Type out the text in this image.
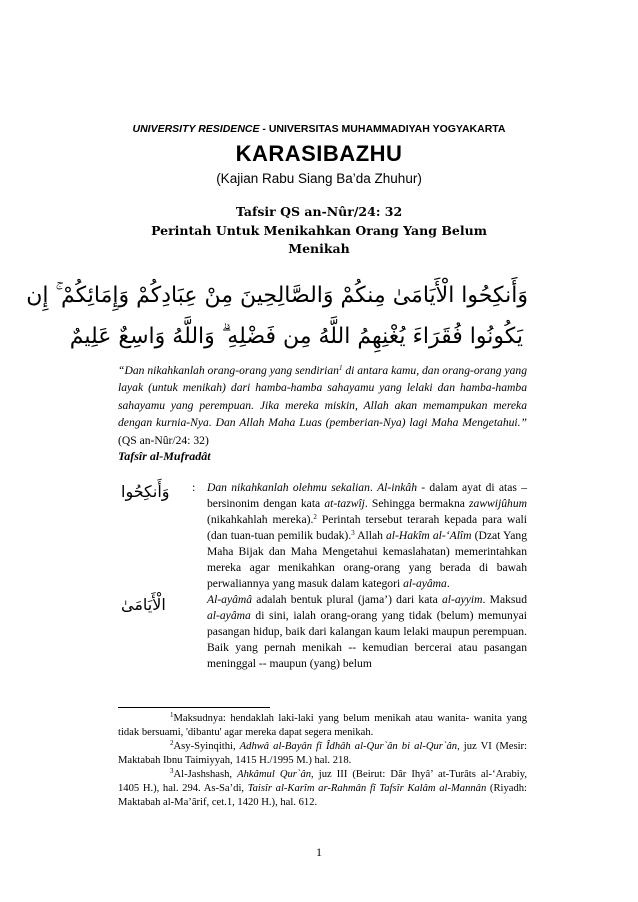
UNIVERSITY RESIDENCE - UNIVERSITAS MUHAMMADIYAH YOGYAKARTA
KARASIBAZHU
(Kajian Rabu Siang Ba’da Zhuhur)
Tafsir QS an-Nûr/24: 32
Perintah Untuk Menikahkan Orang Yang Belum Menikah
وَأَنكِحُوا الْأَيَامَىٰ مِنكُمْ وَالصَّالِحِينَ مِنْ عِبَادِكُمْ وَإِمَائِكُمْ ۚ إِن
يَكُونُوا فُقَرَاءَ يُغْنِهِمُ اللَّهُ مِن فَضْلِهِ ۗ وَاللَّهُ وَاسِعٌ عَلِيمٌ
“Dan nikahkanlah orang-orang yang sendirian$^1$ di antara kamu, dan orang-orang yang layak (untuk menikah) dari hamba-hamba sahayamu yang lelaki dan hamba-hamba sahayamu yang perempuan. Jika mereka miskin, Allah akan memampukan mereka dengan kurnia-Nya. Dan Allah Maha Luas (pemberian-Nya) lagi Maha Mengetahui.” (QS an-Nûr/24: 32)
Tafsîr al-Mufradât
وَأَنكِحُوا
الْأَيَامَىٰ
: Dan nikahkanlah olehmu sekalian. Al-inkâh - dalam ayat di atas – bersinonim dengan kata at-tazwîj. Sehingga bermakna zawwijûhum (nikahkahlah mereka).$^2$ Perintah tersebut terarah kepada para wali (dan tuan-tuan pemilik budak).$^3$ Allah al-Hakîm al-‘Alîm (Dzat Yang Maha Bijak dan Maha Mengetahui kemaslahatan) memerintahkan mereka agar menikahkan orang-orang yang berada di bawah perwaliannya yang masuk dalam kategori al-ayâma.

Al-ayâmâ adalah bentuk plural (jama’) dari kata al-ayyim. Maksud al-ayâma di sini, ialah orang-orang yang tidak (belum) memunyai pasangan hidup, baik dari kalangan kaum lelaki maupun perempuan. Baik yang pernah menikah -- kemudian bercerai atau pasangan meninggal -- maupun (yang) belum

$^1$Maksudnya: hendaklah laki-laki yang belum menikah atau wanita- wanita yang tidak bersuami, 'dibantu' agar mereka dapat segera menikah.

$^2$Asy-Syinqithi, Adhwâ al-Bayân fî Îdhâh al-Qur`ân bi al-Qur`ân, juz VI (Mesir: Maktabah Ibnu Taimiyyah, 1415 H./1995 M.) hal. 218.

$^3$Al-Jashshash, Ahkâmul Qur`ân, juz III (Beirut: Dâr Ihyâ’ at-Turâts al-‘Arabiy, 1405 H.), hal. 294. As-Sa’di, Taisîr al-Karîm ar-Rahmân fî Tafsîr Kalâm al-Mannân (Riyadh: Maktabah al-Ma’ârif, cet.1, 1420 H.), hal. 612.

1
